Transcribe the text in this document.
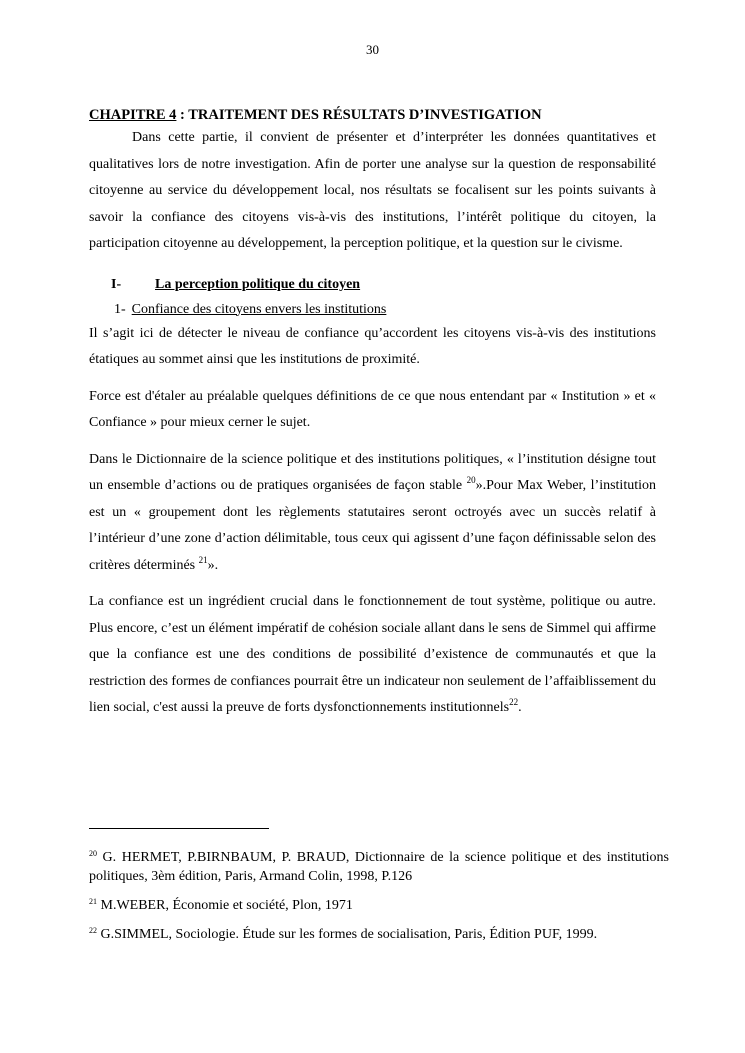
30
CHAPITRE 4 : TRAITEMENT DES RÉSULTATS D’INVESTIGATION

Dans cette partie, il convient de présenter et d’interpréter les données quantitatives et qualitatives lors de notre investigation. Afin de porter une analyse sur la question de responsabilité citoyenne au service du développement local, nos résultats se focalisent sur les points suivants à savoir la confiance des citoyens vis-à-vis des institutions, l’intérêt politique du citoyen, la participation citoyenne au développement, la perception politique, et la question sur le civisme.

I- La perception politique du citoyen
1- Confiance des citoyens envers les institutions

Il s’agit ici de détecter le niveau de confiance qu’accordent les citoyens vis-à-vis des institutions étatiques au sommet ainsi que les institutions de proximité.

Force est d'étaler au préalable quelques définitions de ce que nous entendant par « Institution » et « Confiance » pour mieux cerner le sujet.

Dans le Dictionnaire de la science politique et des institutions politiques, « l’institution désigne tout un ensemble d’actions ou de pratiques organisées de façon stable $^{20}$».Pour Max Weber, l’institution est un « groupement dont les règlements statutaires seront octroyés avec un succès relatif à l’intérieur d’une zone d’action délimitable, tous ceux qui agissent d’une façon définissable selon des critères déterminés $^{21}$».

La confiance est un ingrédient crucial dans le fonctionnement de tout système, politique ou autre. Plus encore, c’est un élément impératif de cohésion sociale allant dans le sens de Simmel qui affirme que la confiance est une des conditions de possibilité d’existence de communautés et que la restriction des formes de confiances pourrait être un indicateur non seulement de l’affaiblissement du lien social, c'est aussi la preuve de forts dysfonctionnements institutionnels$^{22}$.

$^{20}$ G. HERMET, P.BIRNBAUM, P. BRAUD, Dictionnaire de la science politique et des institutions politiques, 3èm édition, Paris, Armand Colin, 1998, P.126

$^{21}$ M.WEBER, Économie et société, Plon, 1971

$^{22}$ G.SIMMEL, Sociologie. Étude sur les formes de socialisation, Paris, Édition PUF, 1999.
